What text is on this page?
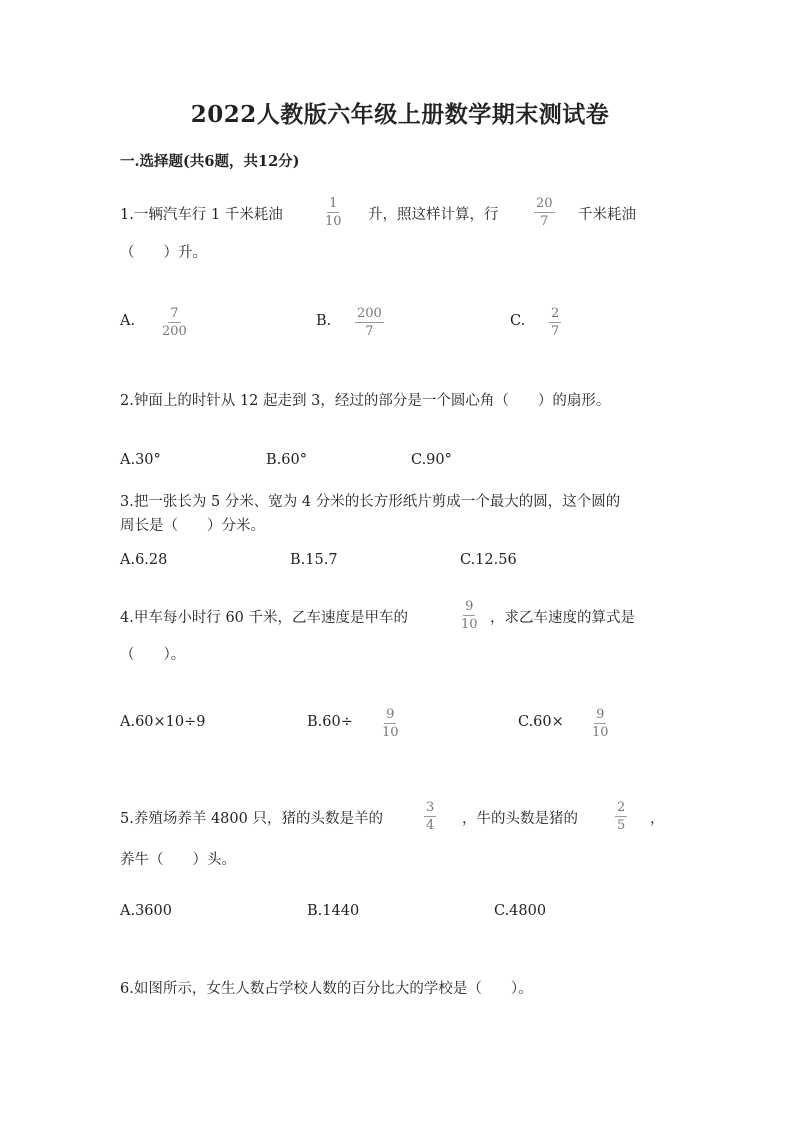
2022人教版六年级上册数学期末测试卷
一.选择题(共6题，共12分)
1.一辆汽车行 1 千米耗油	$\frac{1}{10}$ 升，照这样计算，行	$\frac{20}{7}$ 千米耗油
（　　）升。
A. $\frac{7}{200}$	B. $\frac{200}{7}$	C. $\frac{2}{7}$
2.钟面上的时针从 12 起走到 3，经过的部分是一个圆心角（　　）的扇形。
A.30°	B.60°	C.90°
3.把一张长为 5 分米、宽为 4 分米的长方形纸片剪成一个最大的圆，这个圆的
周长是（　　）分米。
A.6.28	B.15.7	C.12.56
4.甲车每小时行 60 千米，乙车速度是甲车的	$\frac{9}{10}$ ，求乙车速度的算式是
（　　）。
A.60×10÷9	$B.60\div \frac{9}{10}$	$C.60\times \frac{9}{10}$
5.养殖场养羊 4800 只，猪的头数是羊的	$\frac{3}{4}$ ，牛的头数是猪的	$\frac{2}{5}$ ，
养牛（　　）头。
A.3600	B.1440	C.4800
6.如图所示，女生人数占学校人数的百分比大的学校是（　　）。
